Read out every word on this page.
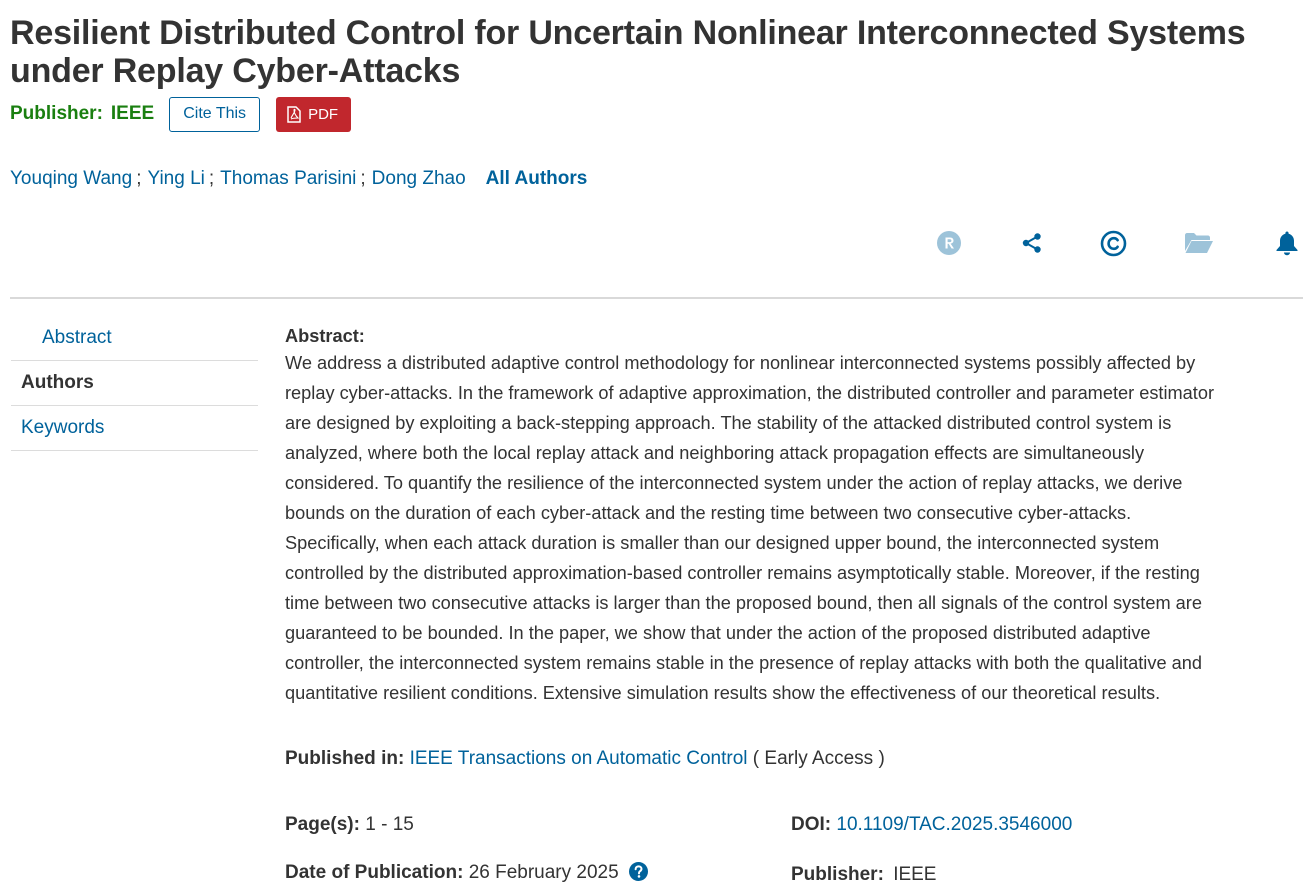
Resilient Distributed Control for Uncertain Nonlinear Interconnected Systems under Replay Cyber-Attacks
Publisher: IEEE	Cite This	PDF
Youqing Wang ; Ying Li ; Thomas Parisini ; Dong Zhao All Authors
Abstract
Authors
Keywords
Abstract:
We address a distributed adaptive control methodology for nonlinear interconnected systems possibly affected by
replay cyber-attacks. In the framework of adaptive approximation, the distributed controller and parameter estimator
are designed by exploiting a back-stepping approach. The stability of the attacked distributed control system is
analyzed, where both the local replay attack and neighboring attack propagation effects are simultaneously
considered. To quantify the resilience of the interconnected system under the action of replay attacks, we derive
bounds on the duration of each cyber-attack and the resting time between two consecutive cyber-attacks.
Specifically, when each attack duration is smaller than our designed upper bound, the interconnected system
controlled by the distributed approximation-based controller remains asymptotically stable. Moreover, if the resting
time between two consecutive attacks is larger than the proposed bound, then all signals of the control system are
guaranteed to be bounded. In the paper, we show that under the action of the proposed distributed adaptive
controller, the interconnected system remains stable in the presence of replay attacks with both the qualitative and
quantitative resilient conditions. Extensive simulation results show the effectiveness of our theoretical results.
Published in: IEEE Transactions on Automatic Control ( Early Access )
Page(s): 1 - 15	DOI: 10.1109/TAC.2025.3546000
Date of Publication: 26 February 2025	Publisher: IEEE
